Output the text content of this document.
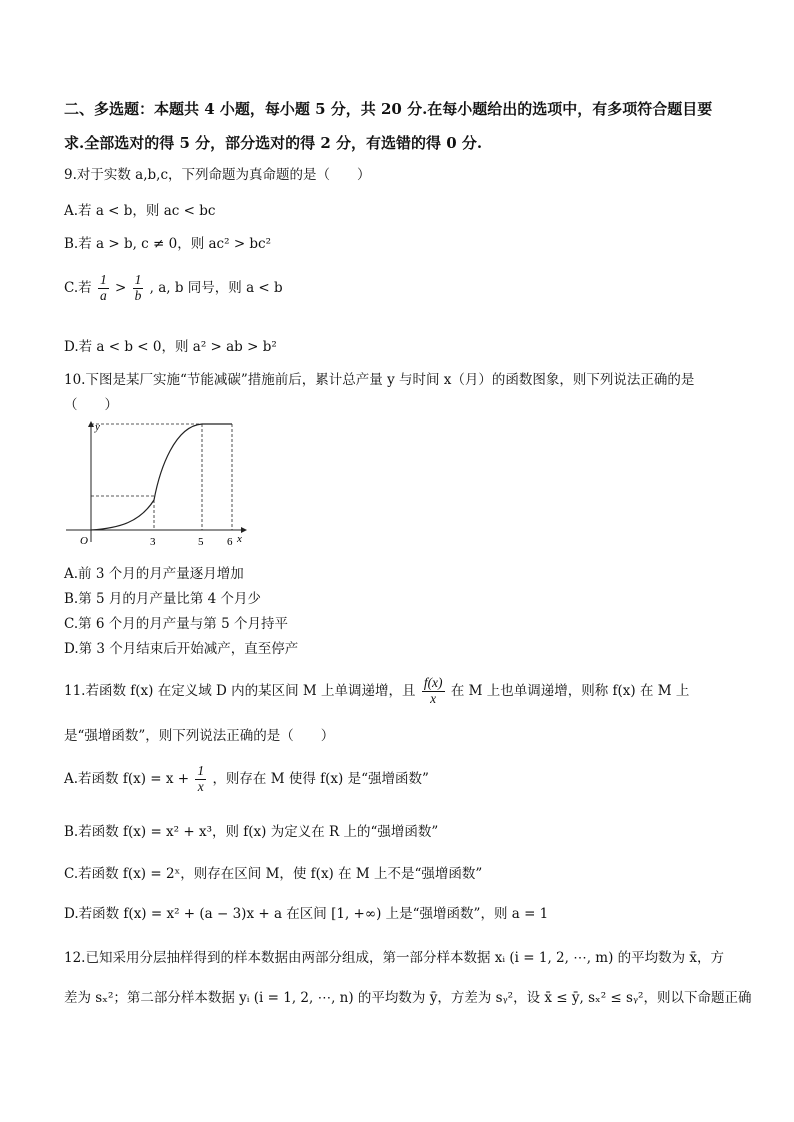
二、多选题：本题共 4 小题，每小题 5 分，共 20 分.在每小题给出的选项中，有多项符合题目要
求.全部选对的得 5 分，部分选对的得 2 分，有选错的得 0 分.
9.对于实数 a,b,c，下列命题为真命题的是（　　）
A.若 a < b，则 ac < bc
B.若 a > b, c ≠ 0，则 ac² > bc²
C.若 $\frac{1}{a} > \frac{1}{b}$ , a, b 同号，则 a < b
D.若 a < b < 0，则 a² > ab > b²
10.下图是某厂实施“节能减碳”措施前后，累计总产量 y 与时间 x（月）的函数图象，则下列说法正确的是
（　　）
y
x
O	3	5 6
A.前 3 个月的月产量逐月增加
B.第 5 月的月产量比第 4 个月少
C.第 6 个月的月产量与第 5 个月持平
D.第 3 个月结束后开始减产，直至停产
11.若函数 f(x) 在定义域 D 内的某区间 M 上单调递增，且 $\frac{f(x)}{x}$ 在 M 上也单调递增，则称 f(x) 在 M 上
是“强增函数”，则下列说法正确的是（　　）
A.若函数 $f(x) = x + \frac{1}{x}$ ，则存在 M 使得 f(x) 是“强增函数”
B.若函数 f(x) = x² + x³，则 f(x) 为定义在 R 上的“强增函数”
C.若函数 f(x) = 2ˣ，则存在区间 M，使 f(x) 在 M 上不是“强增函数”
D.若函数 f(x) = x² + (a − 3)x + a 在区间 [1, +∞) 上是“强增函数”，则 a = 1
12.已知采用分层抽样得到的样本数据由两部分组成，第一部分样本数据 xᵢ (i = 1, 2, ⋯, m) 的平均数为 x̄，方
差为 sₓ²；第二部分样本数据 yᵢ (i = 1, 2, ⋯, n) 的平均数为 ȳ，方差为 sᵧ²，设 x̄ ≤ ȳ, sₓ² ≤ sᵧ²，则以下命题正确
